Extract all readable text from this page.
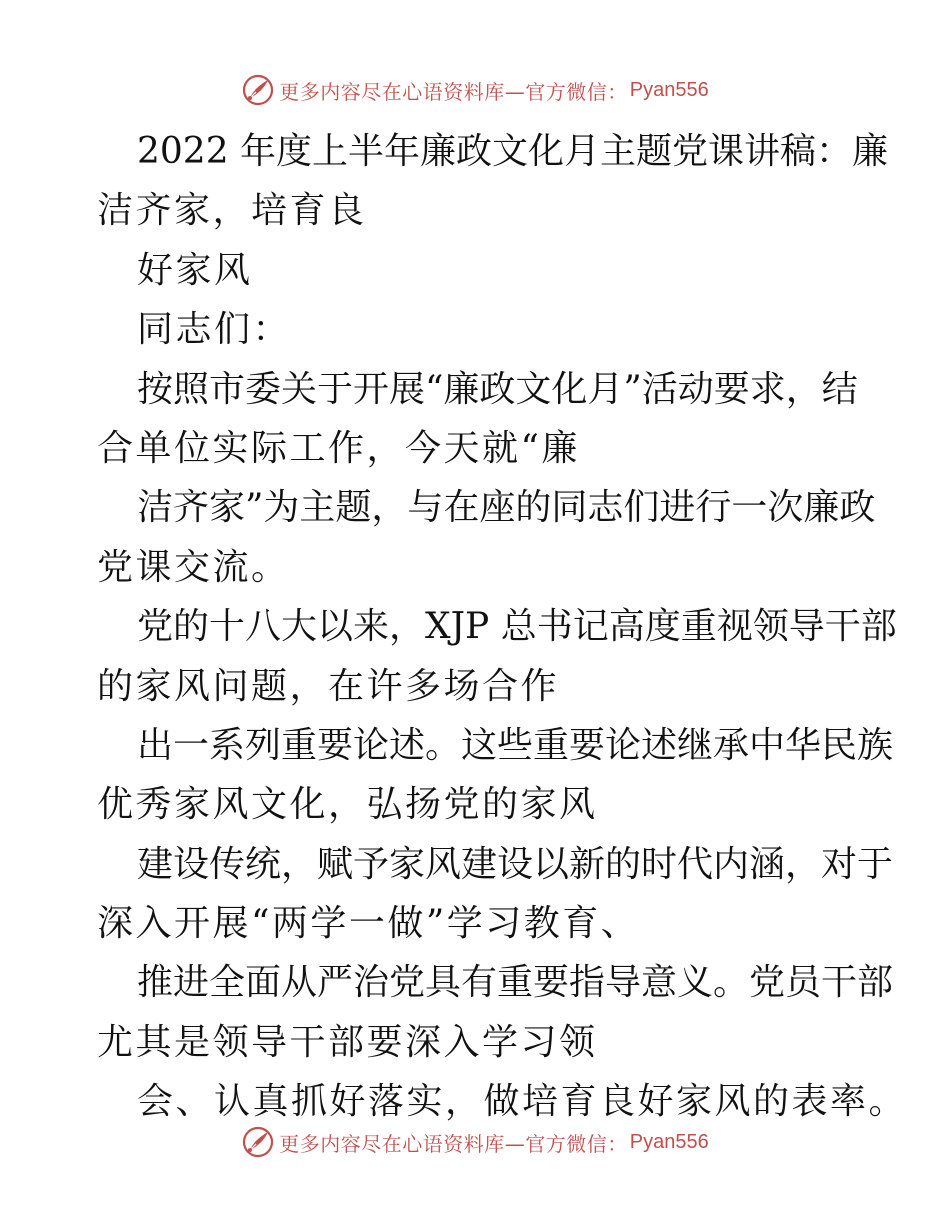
更多内容尽在心语资料库—官方微信： Pyan556
2022 年度上半年廉政文化月主题党课讲稿：廉
洁齐家，培育良
好家风
同志们：
按照市委关于开展“廉政文化月”活动要求，结
合单位实际工作，今天就“廉
洁齐家”为主题，与在座的同志们进行一次廉政
党课交流。
党的十八大以来，XJP 总书记高度重视领导干部
的家风问题，在许多场合作
出一系列重要论述。这些重要论述继承中华民族
优秀家风文化，弘扬党的家风
建设传统，赋予家风建设以新的时代内涵，对于
深入开展“两学一做”学习教育、
推进全面从严治党具有重要指导意义。党员干部
尤其是领导干部要深入学习领
会、认真抓好落实，做培育良好家风的表率。
更多内容尽在心语资料库—官方微信： Pyan556
